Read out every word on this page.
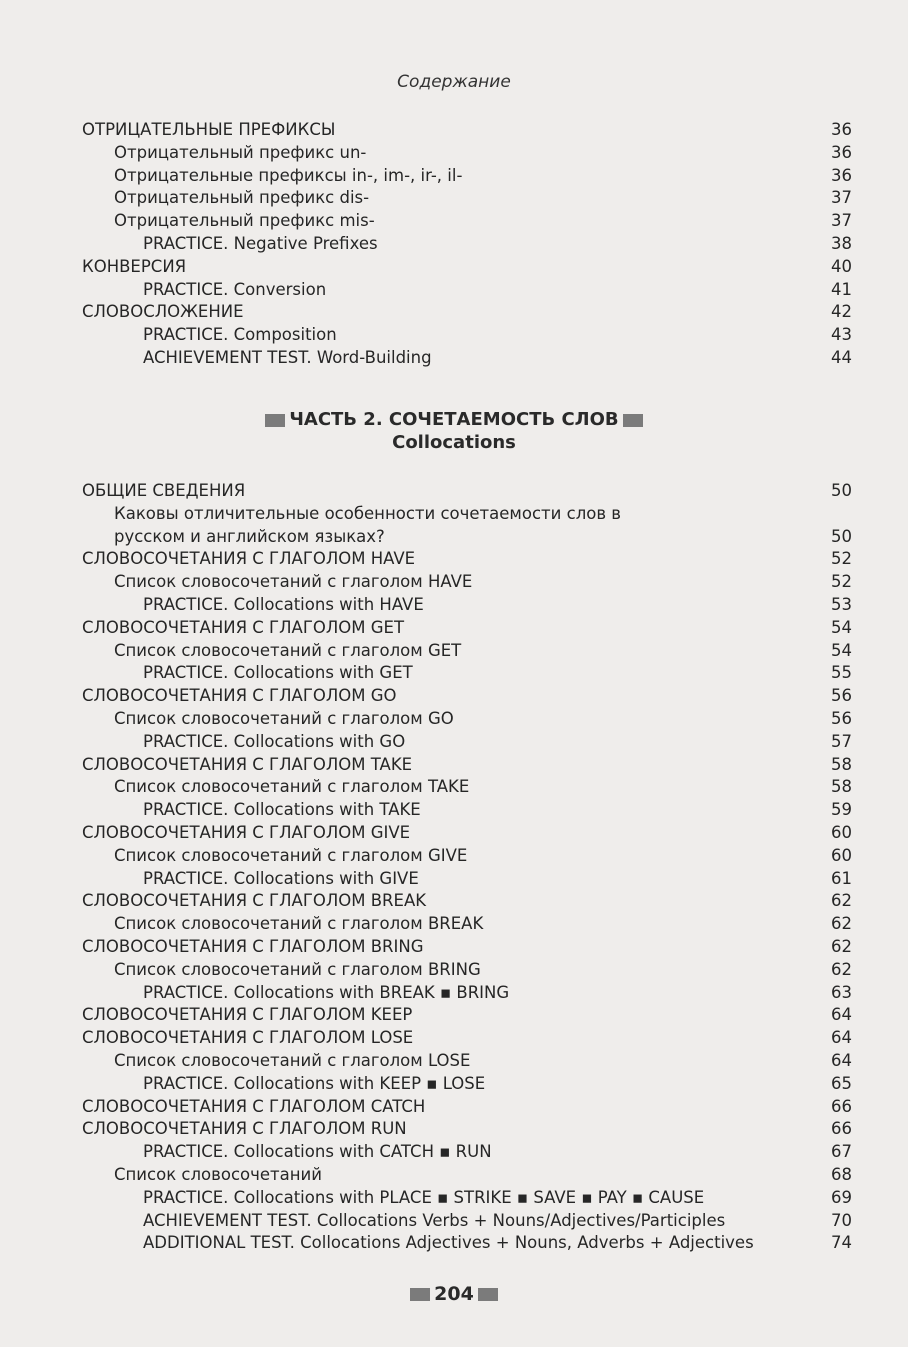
Содержание
ОТРИЦАТЕЛЬНЫЕ ПРЕФИКСЫ	36
Отрицательный префикс un-	36
Отрицательные префиксы in-, im-, ir-, il-	36
Отрицательный префикс dis-	37
Отрицательный префикс mis-	37
PRACTICE. Negative Prefixes	38
КОНВЕРСИЯ	40
PRACTICE. Conversion	41
СЛОВОСЛОЖЕНИЕ	42
PRACTICE. Composition	43
ACHIEVEMENT TEST. Word-Building	44
ЧАСТЬ 2. СОЧЕТАЕМОСТЬ СЛОВ
Collocations
ОБЩИЕ СВЕДЕНИЯ	50
Каковы отличительные особенности сочетаемости слов в русском и английском языках?	50
СЛОВОСОЧЕТАНИЯ С ГЛАГОЛОМ HAVE	52
Список словосочетаний с глаголом HAVE	52
PRACTICE. Collocations with HAVE	53
СЛОВОСОЧЕТАНИЯ С ГЛАГОЛОМ GET	54
Список словосочетаний с глаголом GET	54
PRACTICE. Collocations with GET	55
СЛОВОСОЧЕТАНИЯ С ГЛАГОЛОМ GO	56
Список словосочетаний с глаголом GO	56
PRACTICE. Collocations with GO	57
СЛОВОСОЧЕТАНИЯ С ГЛАГОЛОМ TAKE	58
Список словосочетаний с глаголом TAKE	58
PRACTICE. Collocations with TAKE	59
СЛОВОСОЧЕТАНИЯ С ГЛАГОЛОМ GIVE	60
Список словосочетаний с глаголом GIVE	60
PRACTICE. Collocations with GIVE	61
СЛОВОСОЧЕТАНИЯ С ГЛАГОЛОМ BREAK	62
Список словосочетаний с глаголом BREAK	62
СЛОВОСОЧЕТАНИЯ С ГЛАГОЛОМ BRING	62
Список словосочетаний с глаголом BRING	62
PRACTICE. Collocations with BREAK ▪ BRING	63
СЛОВОСОЧЕТАНИЯ С ГЛАГОЛОМ KEEP	64
СЛОВОСОЧЕТАНИЯ С ГЛАГОЛОМ LOSE	64
Список словосочетаний с глаголом LOSE	64
PRACTICE. Collocations with KEEP ▪ LOSE	65
СЛОВОСОЧЕТАНИЯ С ГЛАГОЛОМ CATCH	66
СЛОВОСОЧЕТАНИЯ С ГЛАГОЛОМ RUN	66
PRACTICE. Collocations with CATCH ▪ RUN	67
Список словосочетаний	68
PRACTICE. Collocations with PLACE ▪ STRIKE ▪ SAVE ▪ PAY ▪ CAUSE	69
ACHIEVEMENT TEST. Collocations Verbs + Nouns/Adjectives/Participles	70
ADDITIONAL TEST. Collocations Adjectives + Nouns, Adverbs + Adjectives	74
204
